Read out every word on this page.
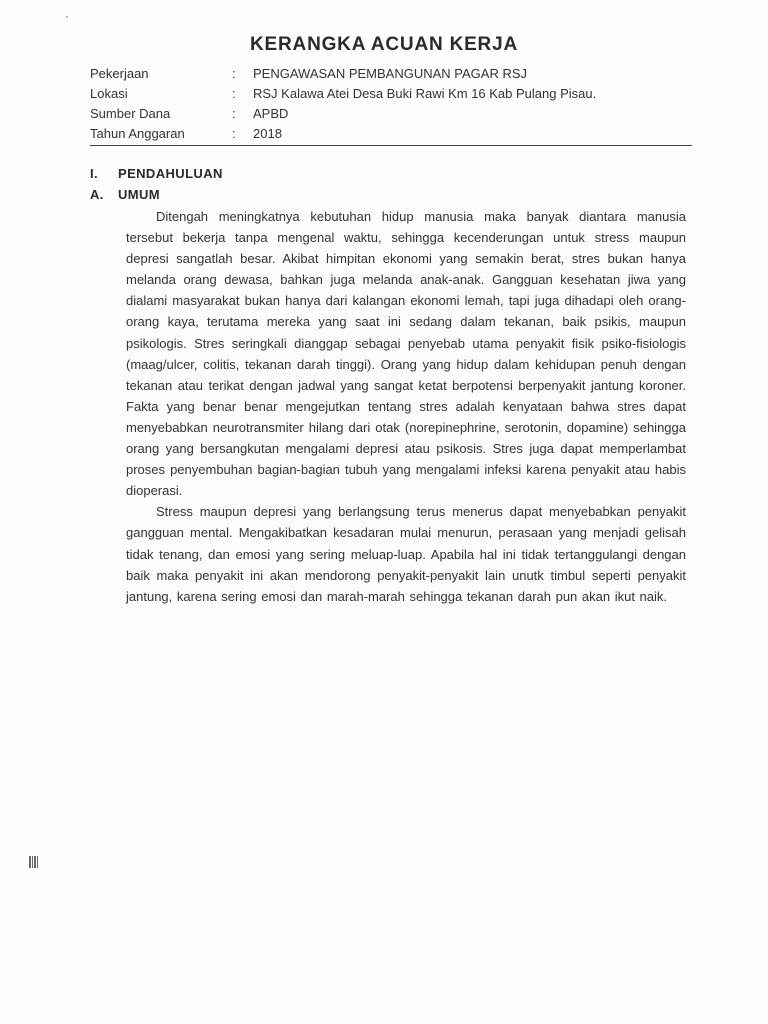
KERANGKA ACUAN KERJA
Pekerjaan	: PENGAWASAN PEMBANGUNAN PAGAR RSJ
Lokasi	: RSJ Kalawa Atei Desa Buki Rawi Km 16 Kab Pulang Pisau.
Sumber Dana	: APBD
Tahun Anggaran	: 2018
I. PENDAHULUAN
A. UMUM

Ditengah meningkatnya kebutuhan hidup manusia maka banyak diantara manusia tersebut bekerja tanpa mengenal waktu, sehingga kecenderungan untuk stress maupun depresi sangatlah besar. Akibat himpitan ekonomi yang semakin berat, stres bukan hanya melanda orang dewasa, bahkan juga melanda anak-anak. Gangguan kesehatan jiwa yang dialami masyarakat bukan hanya dari kalangan ekonomi lemah, tapi juga dihadapi oleh orang-orang kaya, terutama mereka yang saat ini sedang dalam tekanan, baik psikis, maupun psikologis. Stres seringkali dianggap sebagai penyebab utama penyakit fisik psiko-fisiologis (maag/ulcer, colitis, tekanan darah tinggi). Orang yang hidup dalam kehidupan penuh dengan tekanan atau terikat dengan jadwal yang sangat ketat berpotensi berpenyakit jantung koroner. Fakta yang benar benar mengejutkan tentang stres adalah kenyataan bahwa stres dapat menyebabkan neurotransmiter hilang dari otak (norepinephrine, serotonin, dopamine) sehingga orang yang bersangkutan mengalami depresi atau psikosis. Stres juga dapat memperlambat proses penyembuhan bagian-bagian tubuh yang mengalami infeksi karena penyakit atau habis dioperasi.

Stress maupun depresi yang berlangsung terus menerus dapat menyebabkan penyakit gangguan mental. Mengakibatkan kesadaran mulai menurun, perasaan yang menjadi gelisah tidak tenang, dan emosi yang sering meluap-luap. Apabila hal ini tidak tertanggulangi dengan baik maka penyakit ini akan mendorong penyakit-penyakit lain unutk timbul seperti penyakit jantung, karena sering emosi dan marah-marah sehingga tekanan darah pun akan ikut naik.
